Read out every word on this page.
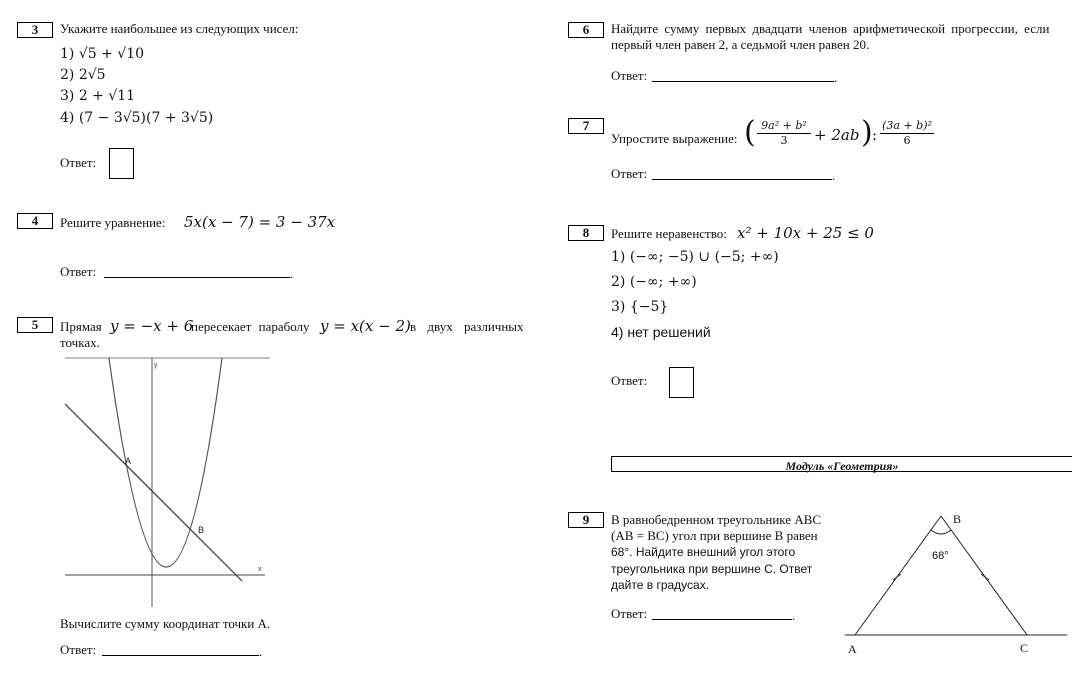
3	Укажите наибольшее из следующих чисел:
1) √5 + √10
2) 2√5
3) 2 + √11
4) (7 − 3√5)(7 + 3√5)
Ответ:
4	Решите уравнение: 5x(x − 7) = 3 − 37x
Ответ:	.
5	Прямая y = −x + 6
пересекает параболу y = x(x − 2) в двух различных
точках.
x
y
A
B
Вычислите сумму координат точки А.
Ответ:	.
6	Найдите сумму первых двадцати членов арифметической прогрессии, если
первый член равен 2, а седьмой член равен 20.
Ответ:	.
7
Упростите выражение: ( 9a² + b²
3	+ 2ab ) :
(3a + b)²
6
Ответ:	.
8	Решите неравенство: x² + 10x + 25 ≤ 0
1) (−∞; −5) ∪ (−5; +∞)
2) (−∞; +∞)
3) {−5}
4) нет решений
Ответ:
Модуль «Геометрия»
9	В равнобедренном треугольнике ABC
(AB = BC) угол при вершине B равен
68°. Найдите внешний угол этого
треугольника при вершине C. Ответ
дайте в градусах.
Ответ:	.
68°
A
B
C
